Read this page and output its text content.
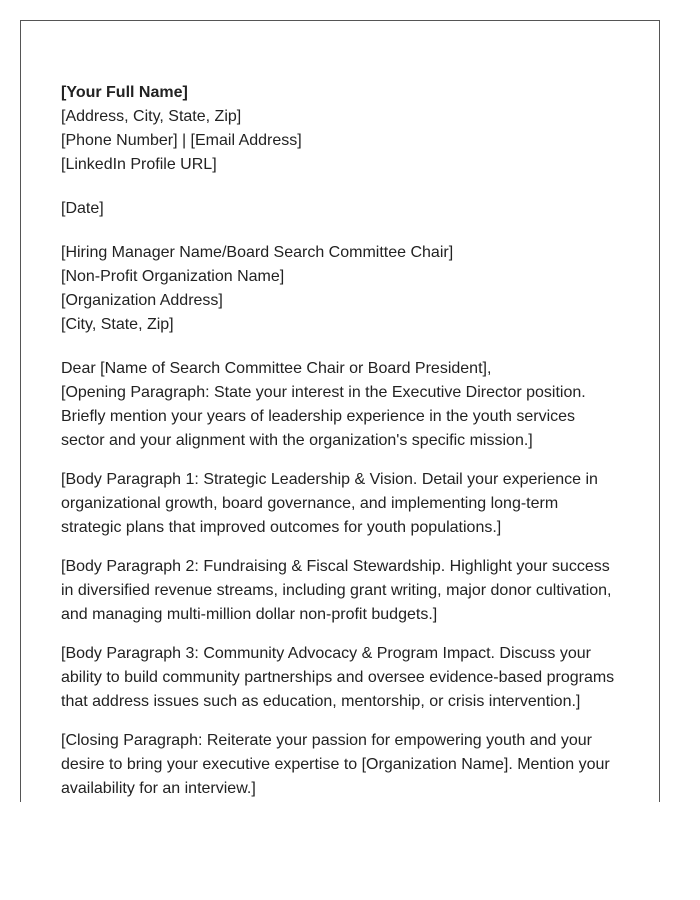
[Your Full Name]
[Address, City, State, Zip]
[Phone Number] | [Email Address]
[LinkedIn Profile URL]
[Date]
[Hiring Manager Name/Board Search Committee Chair]
[Non-Profit Organization Name]
[Organization Address]
[City, State, Zip]
Dear [Name of Search Committee Chair or Board President],
[Opening Paragraph: State your interest in the Executive Director position.
Briefly mention your years of leadership experience in the youth services
sector and your alignment with the organization's specific mission.]
[Body Paragraph 1: Strategic Leadership & Vision. Detail your experience in
organizational growth, board governance, and implementing long-term
strategic plans that improved outcomes for youth populations.]
[Body Paragraph 2: Fundraising & Fiscal Stewardship. Highlight your success
in diversified revenue streams, including grant writing, major donor cultivation,
and managing multi-million dollar non-profit budgets.]
[Body Paragraph 3: Community Advocacy & Program Impact. Discuss your
ability to build community partnerships and oversee evidence-based programs
that address issues such as education, mentorship, or crisis intervention.]
[Closing Paragraph: Reiterate your passion for empowering youth and your
desire to bring your executive expertise to [Organization Name]. Mention your
availability for an interview.]
